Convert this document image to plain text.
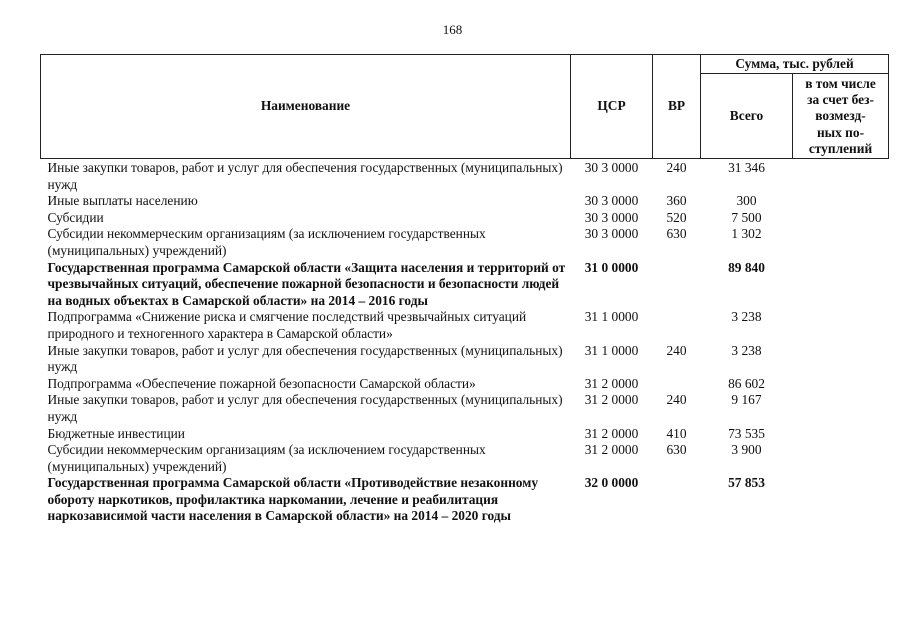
168
Наименование	ЦСР	ВР	Сумма, тыс. рублей	
			Всего	в том числе
за счет без-
возмезд-
ных по-
ступлений
Иные закупки товаров, работ и услуг для обеспечения государственных (муниципальных) нужд	30 3 0000	240	31 346	
Иные выплаты населению	30 3 0000	360	300	
Субсидии	30 3 0000	520	7 500	
Субсидии некоммерческим организациям (за исключением государственных (муниципальных) учреждений)	30 3 0000	630	1 302	
Государственная программа Самарской области «Защита населения и территорий от чрезвычайных ситуаций, обеспечение пожарной безопасности и безопасности людей на водных объектах в Самарской области» на 2014 – 2016 годы	31 0 0000		89 840	
Подпрограмма «Снижение риска и смягчение последствий чрезвычайных ситуаций природного и техногенного характера в Самарской области»	31 1 0000		3 238	
Иные закупки товаров, работ и услуг для обеспечения государственных (муниципальных) нужд	31 1 0000	240	3 238	
Подпрограмма «Обеспечение пожарной безопасности Самарской области»	31 2 0000		86 602	
Иные закупки товаров, работ и услуг для обеспечения государственных (муниципальных) нужд	31 2 0000	240	9 167	
Бюджетные инвестиции	31 2 0000	410	73 535	
Субсидии некоммерческим организациям (за исключением государственных (муниципальных) учреждений)	31 2 0000	630	3 900	
Государственная программа Самарской области «Противодействие незаконному обороту наркотиков, профилактика наркомании, лечение и реабилитация наркозависимой части населения в Самарской области» на 2014 – 2020 годы	32 0 0000		57 853	
